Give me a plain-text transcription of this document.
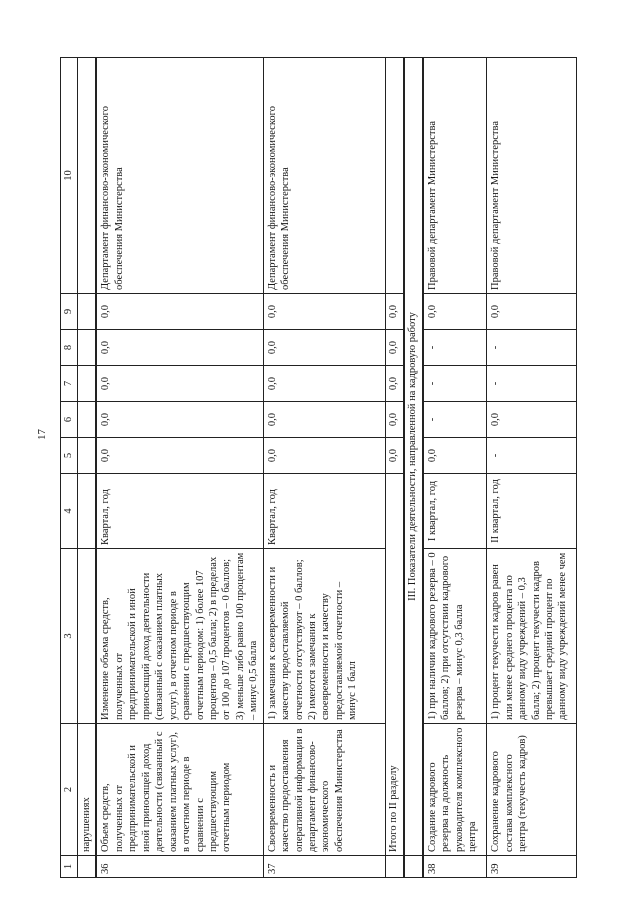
17
1	2	3	4	5	6	7	8	9	10
	нарушениях								
36	Объем средств, полученных от предпринимательской и иной приносящей доход деятельности (связанный с оказанием платных услуг), в отчетном периоде в сравнении с предшествующим отчетным периодом	Изменение объема средств, полученных от предпринимательской и иной приносящий доход деятельности (связанный с оказанием платных услуг), в отчетном периоде в сравнении с предшествующим отчетным периодом: 1) более 107 процентов – 0,5 балла; 2) в пределах от 100 до 107 процентов – 0 баллов; 3) меньше либо равно 100 процентам – минус 0,5 балла	Квартал, год	0,0	0,0	0,0	0,0	0,0	Департамент финансово-экономического обеспечения Министерства
37	Своевременность и качество предоставления оперативной информации в департамент финансово-экономического обеспечения Министерства	1) замечания к своевременности и качеству предоставляемой отчетности отсутствуют – 0 баллов; 2) имеются замечания к своевременности и качеству предоставляемой отчетности – минус 1 балл	Квартал, год	0,0	0,0	0,0	0,0	0,0	Департамент финансово-экономического обеспечения Министерства
	Итого по II разделу			0,0	0,0	0,0	0,0	0,0	
	III. Показатели деятельности, направленной на кадровую работу								
38	Создание кадрового резерва на должность руководителя комплексного центра	1) при наличии кадрового резерва – 0 баллов; 2) при отсутствии кадрового резерва – минус 0,3 балла	I квартал, год	0,0	-	-	-	0,0	Правовой департамент Министерства
39	Сохранение кадрового состава комплексного центра (текучесть кадров)	1) процент текучести кадров равен или менее среднего процента по данному виду учреждений – 0,3 балла; 2) процент текучести кадров превышает средний процент по данному виду учреждений менее чем	II квартал, год	-	0,0	-	-	0,0	Правовой департамент Министерства
